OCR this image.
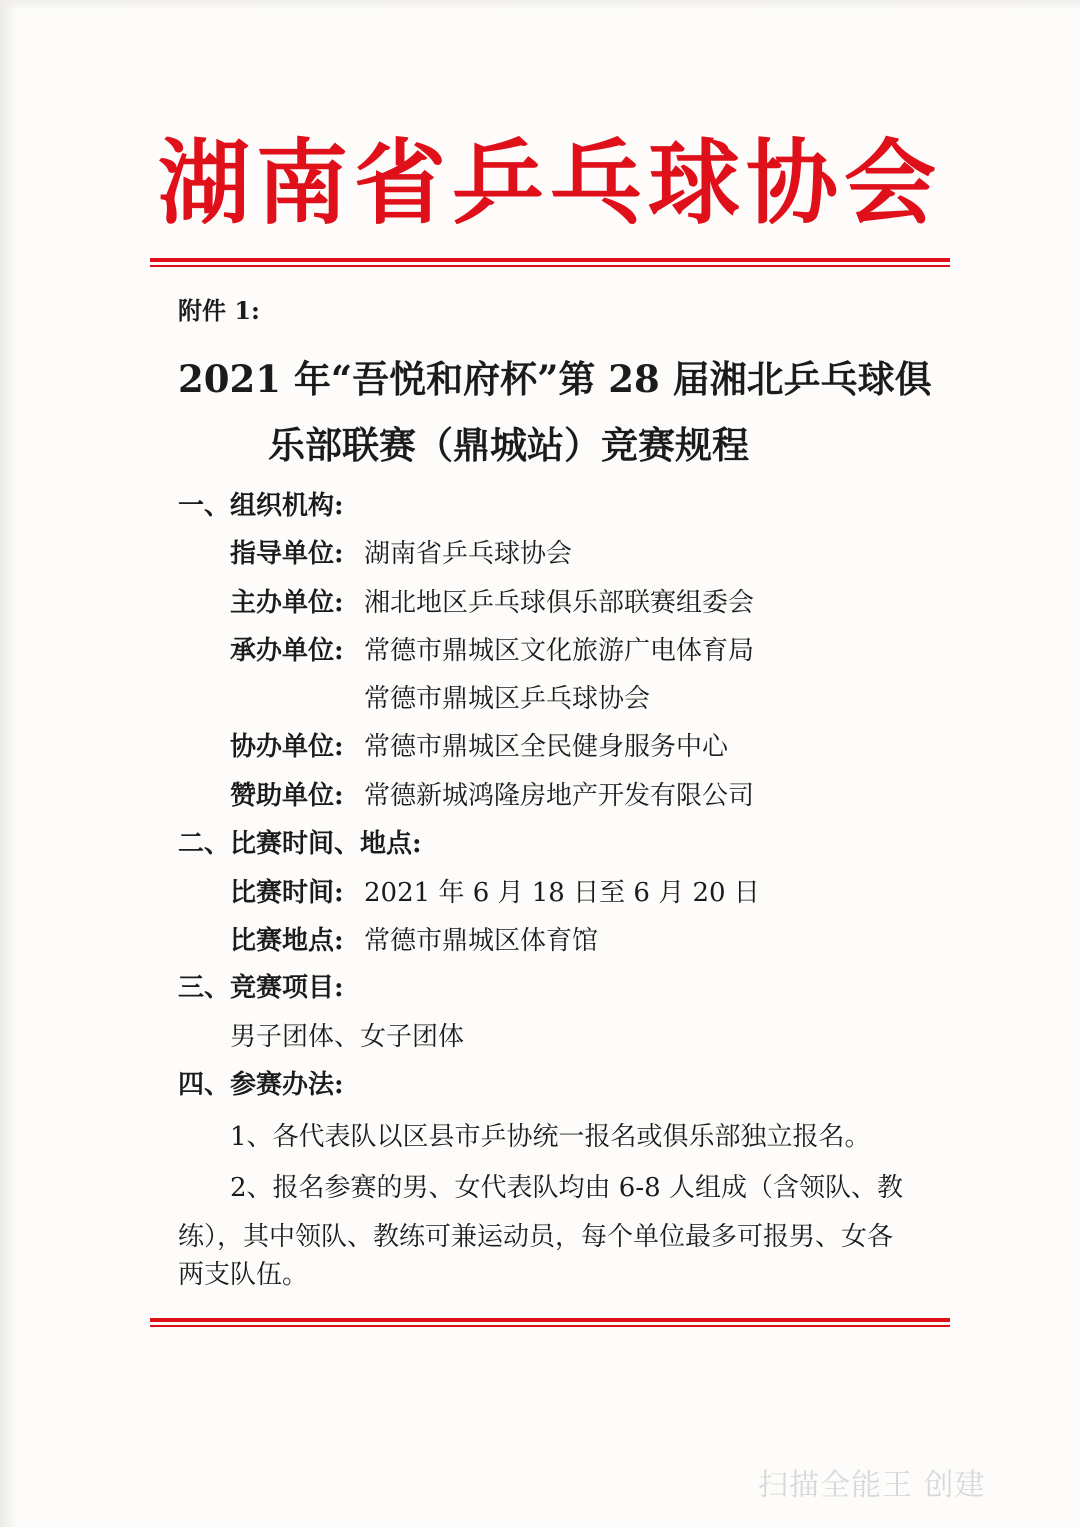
湖南省乒乓球协会
附件 1:
2021 年“吾悦和府杯”第 28 届湘北乒乓球俱
乐部联赛（鼎城站）竞赛规程
一、组织机构:
指导单位: 湖南省乒乓球协会
主办单位: 湘北地区乒乓球俱乐部联赛组委会
承办单位: 常德市鼎城区文化旅游广电体育局
常德市鼎城区乒乓球协会
协办单位: 常德市鼎城区全民健身服务中心
赞助单位: 常德新城鸿隆房地产开发有限公司
二、比赛时间、地点:
比赛时间: 2021 年 6 月 18 日至 6 月 20 日
比赛地点: 常德市鼎城区体育馆
三、竞赛项目:
男子团体、女子团体
四、参赛办法:
1、各代表队以区县市乒协统一报名或俱乐部独立报名。
2、报名参赛的男、女代表队均由 6-8 人组成（含领队、教
练），其中领队、教练可兼运动员，每个单位最多可报男、女各
两支队伍。
扫描全能王 创建
